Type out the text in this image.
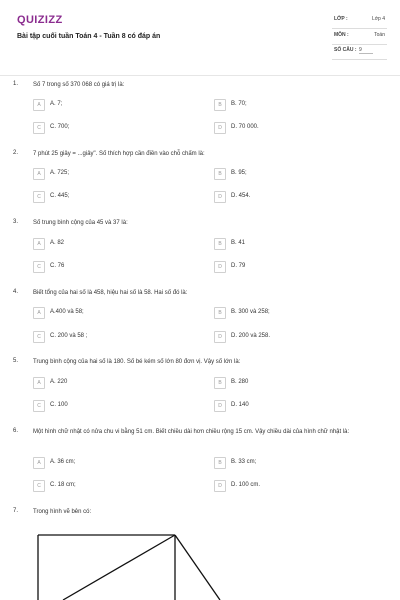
QUIZIZZ
Bài tập cuối tuần Toán 4 - Tuần 8 có đáp án
LỚP :	Lớp 4
MÔN :	Toán
SỐ CÂU : 9
1. Số 7 trong số 370 068 có giá trị là:
A	A. 7;	B	B. 70;
C	C. 700;	D	D. 70 000.
2. 7 phút 25 giây = ...giây". Số thích hợp cần điền vào chỗ chấm là:
A	A. 725;	B	B. 95;
C	C. 445;	D	D. 454.
3. Số trung bình cộng của 45 và 37 là:
A	A. 82	B	B. 41
C	C. 76	D	D. 79
4. Biết tổng của hai số là 458, hiệu hai số là 58. Hai số đó là:
A	A.400 và 58;	B	B. 300 và 258;
C	C. 200 và 58 ;	D	D. 200 và 258.
5. Trung bình cộng của hai số là 180. Số bé kém số lớn 80 đơn vị. Vậy số lớn là:
A	A. 220	B	B. 280
C	C. 100	D	D. 140
6. Một hình chữ nhật có nửa chu vi bằng 51 cm. Biết chiều dài hơn chiều rộng 15 cm. Vậy chiều dài của hình chữ nhật là:
A	A. 36 cm;	B	B. 33 cm;
C	C. 18 cm;	D	D. 100 cm.
7. Trong hình vẽ bên có:
